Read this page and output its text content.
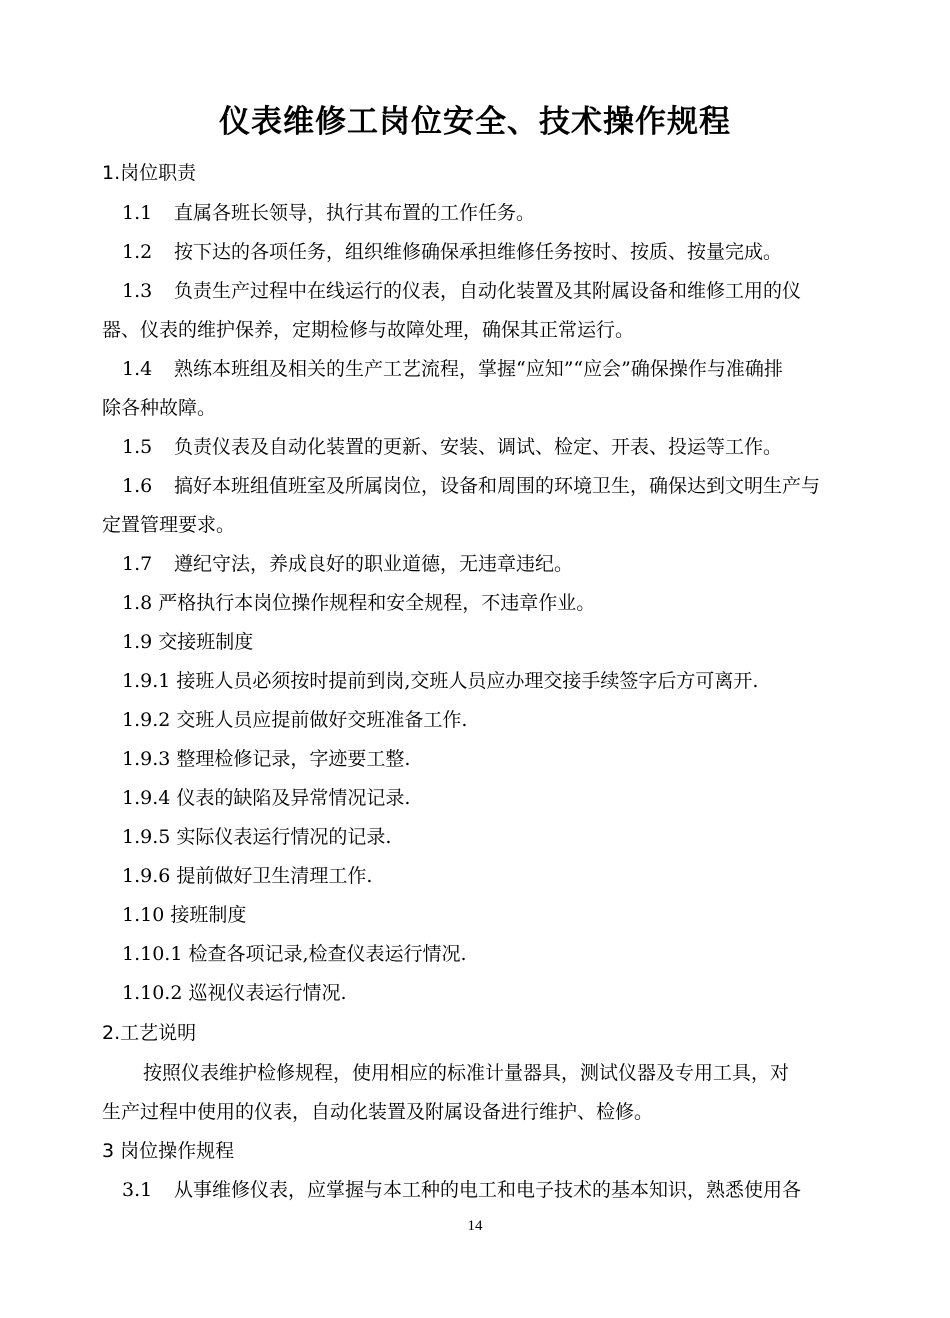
仪表维修工岗位安全、技术操作规程
1.岗位职责
1.1 直属各班长领导，执行其布置的工作任务。
1.2 按下达的各项任务，组织维修确保承担维修任务按时、按质、按量完成。
1.3 负责生产过程中在线运行的仪表，自动化装置及其附属设备和维修工用的仪
器、仪表的维护保养，定期检修与故障处理，确保其正常运行。
1.4 熟练本班组及相关的生产工艺流程，掌握“应知”“应会”确保操作与准确排
除各种故障。
1.5 负责仪表及自动化装置的更新、安装、调试、检定、开表、投运等工作。
1.6 搞好本班组值班室及所属岗位，设备和周围的环境卫生，确保达到文明生产与
定置管理要求。
1.7 遵纪守法，养成良好的职业道德，无违章违纪。
1.8 严格执行本岗位操作规程和安全规程，不违章作业。
1.9 交接班制度
1.9.1 接班人员必须按时提前到岗,交班人员应办理交接手续签字后方可离开.
1.9.2 交班人员应提前做好交班准备工作.
1.9.3 整理检修记录，字迹要工整.
1.9.4 仪表的缺陷及异常情况记录.
1.9.5 实际仪表运行情况的记录.
1.9.6 提前做好卫生清理工作.
1.10 接班制度
1.10.1 检查各项记录,检查仪表运行情况.
1.10.2 巡视仪表运行情况.
2.工艺说明
按照仪表维护检修规程，使用相应的标准计量器具，测试仪器及专用工具，对
生产过程中使用的仪表，自动化装置及附属设备进行维护、检修。
3 岗位操作规程
3.1 从事维修仪表，应掌握与本工种的电工和电子技术的基本知识，熟悉使用各
14
